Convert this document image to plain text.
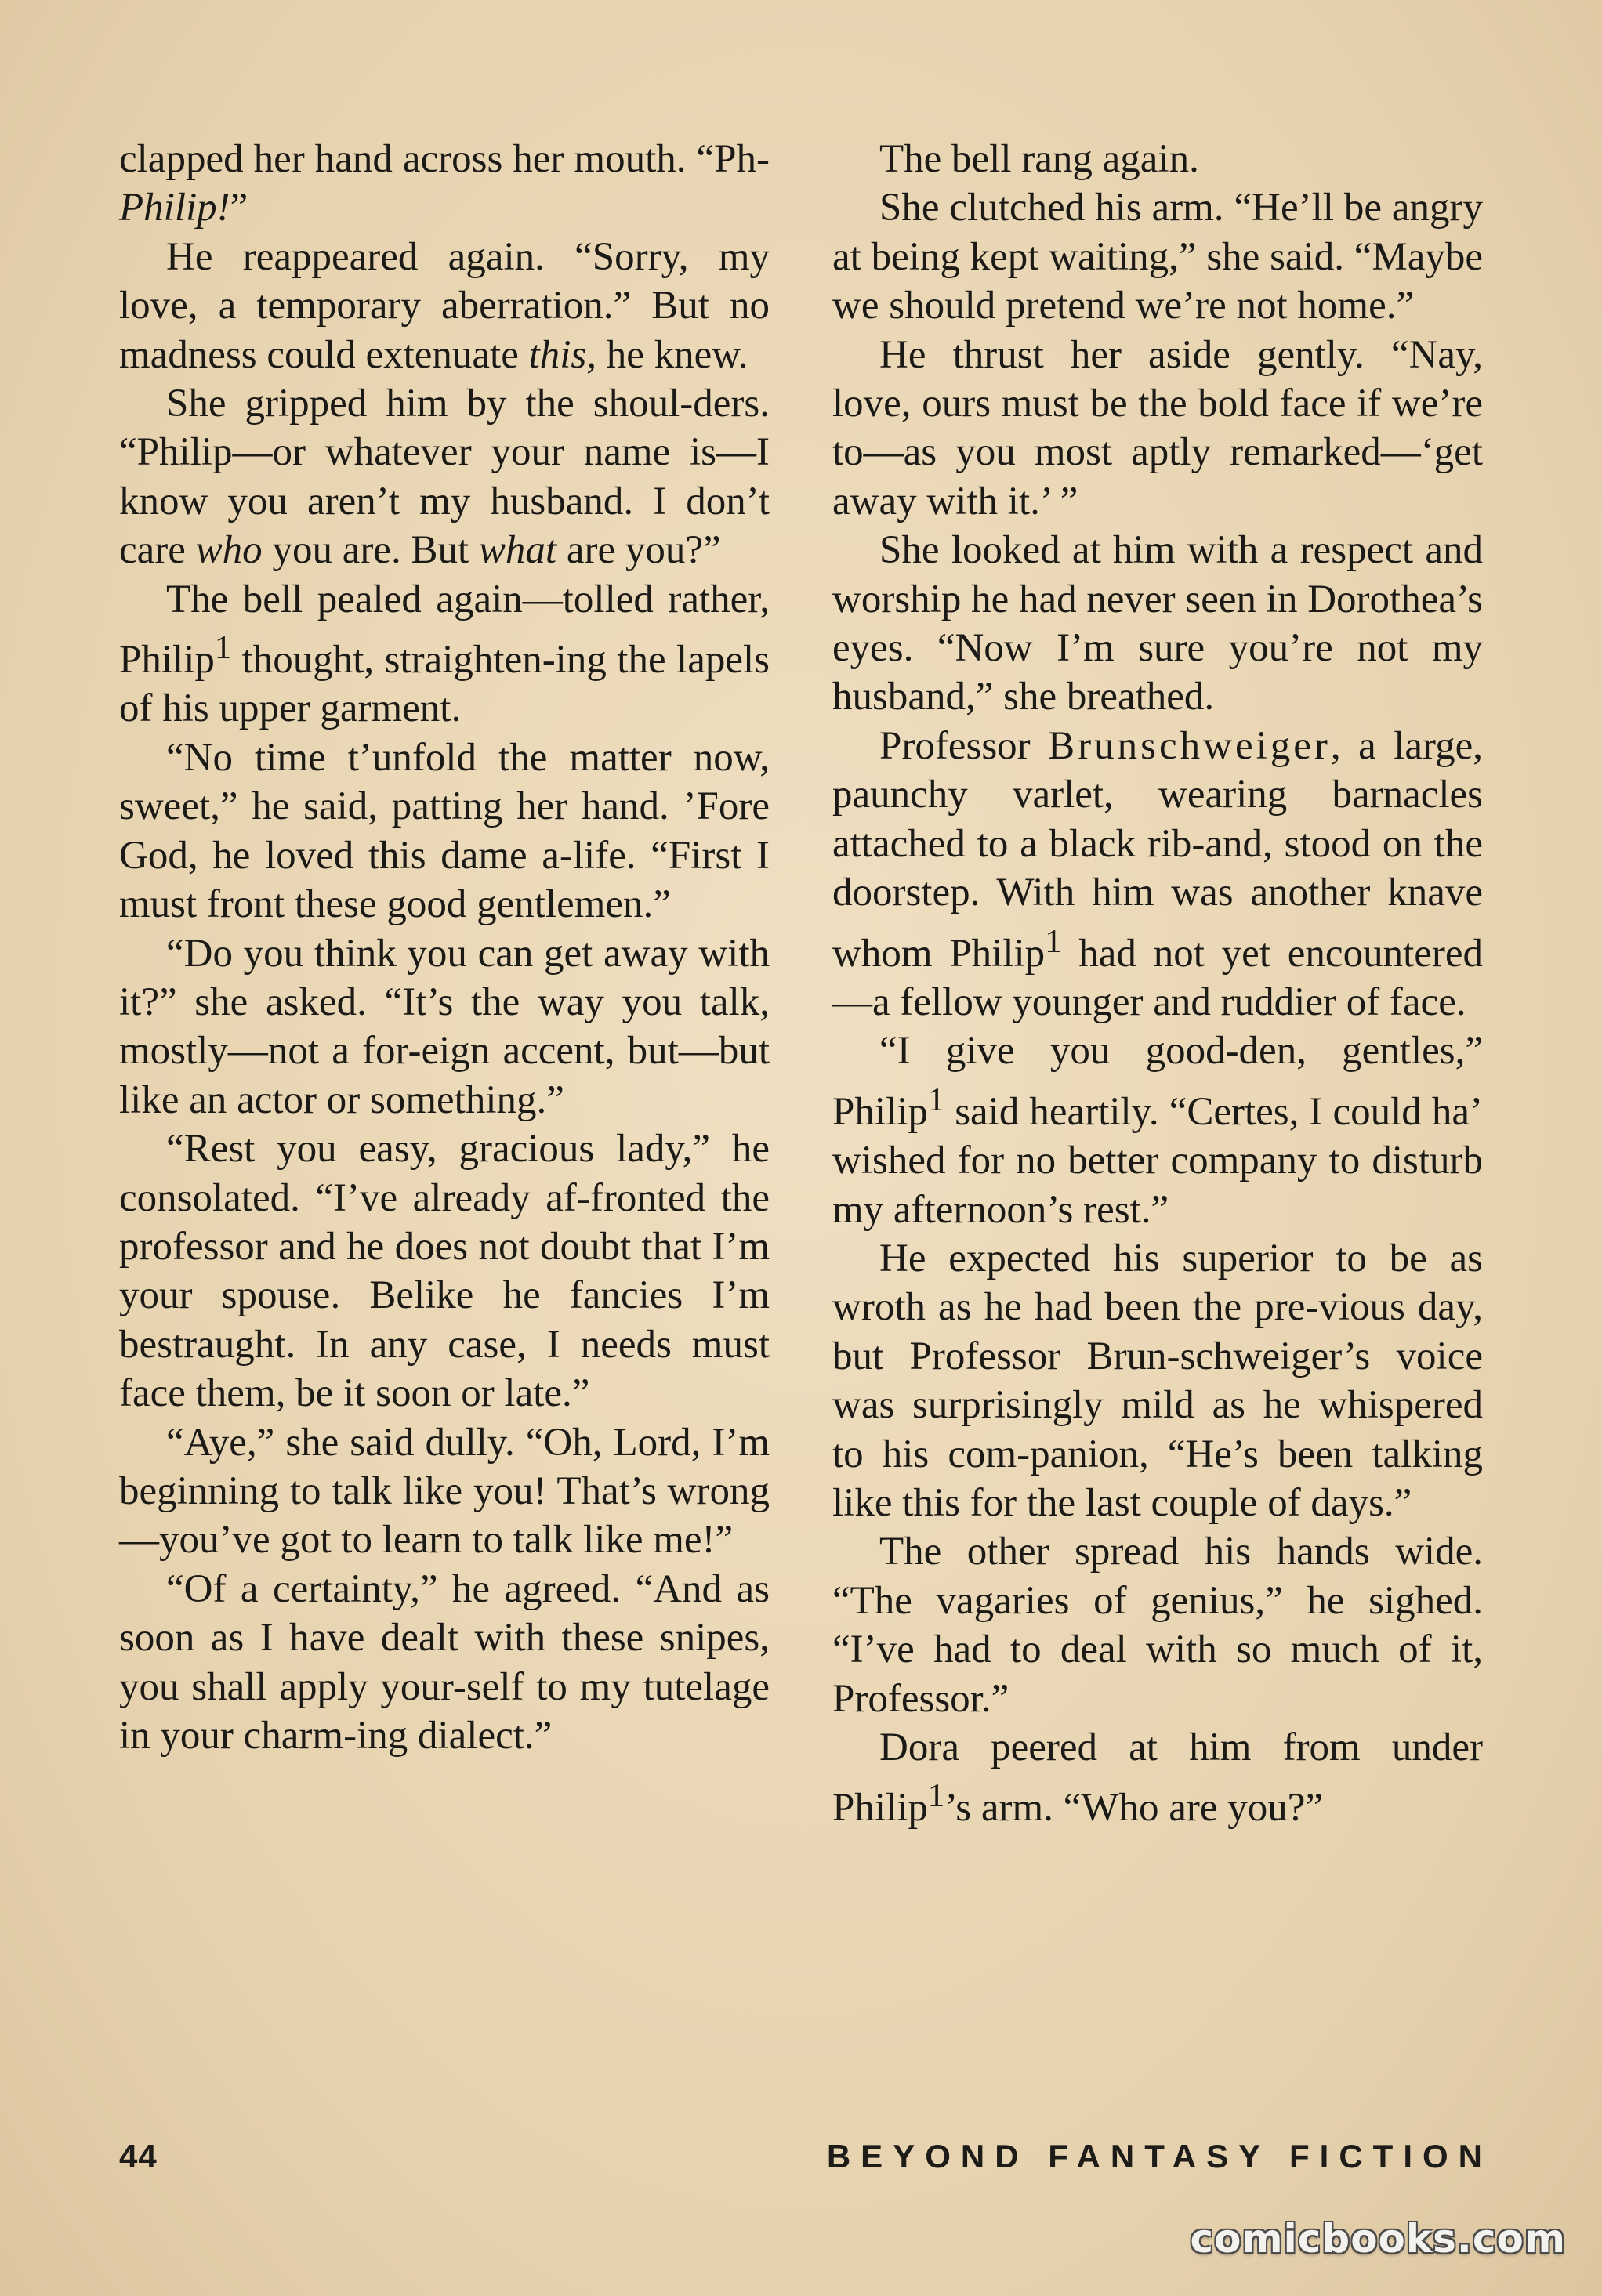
clapped her hand across her mouth. “Ph-Philip!”

He reappeared again. “Sorry, my love, a temporary aberration.” But no madness could extenuate this, he knew.

She gripped him by the shoul-ders. “Philip—or whatever your name is—I know you aren’t my husband. I don’t care who you are. But what are you?”

The bell pealed again—tolled rather, Philip$^1$ thought, straighten-ing the lapels of his upper garment.

“No time t’unfold the matter now, sweet,” he said, patting her hand. ’Fore God, he loved this dame a-life. “First I must front these good gentlemen.”

“Do you think you can get away with it?” she asked. “It’s the way you talk, mostly—not a for-eign accent, but—but like an actor or something.”

“Rest you easy, gracious lady,” he consolated. “I’ve already af-fronted the professor and he does not doubt that I’m your spouse. Belike he fancies I’m bestraught. In any case, I needs must face them, be it soon or late.”

“Aye,” she said dully. “Oh, Lord, I’m beginning to talk like you! That’s wrong—you’ve got to learn to talk like me!”

“Of a certainty,” he agreed. “And as soon as I have dealt with these snipes, you shall apply your-self to my tutelage in your charm-ing dialect.”

The bell rang again.

She clutched his arm. “He’ll be angry at being kept waiting,” she said. “Maybe we should pretend we’re not home.”

He thrust her aside gently. “Nay, love, ours must be the bold face if we’re to—as you most aptly remarked—‘get away with it.’ ”

She looked at him with a respect and worship he had never seen in Dorothea’s eyes. “Now I’m sure you’re not my husband,” she breathed.

Professor Brunschweiger, a large, paunchy varlet, wearing barnacles attached to a black rib-and, stood on the doorstep. With him was another knave whom Philip$^1$ had not yet encountered—a fellow younger and ruddier of face.

“I give you good-den, gentles,” Philip$^1$ said heartily. “Certes, I could ha’ wished for no better company to disturb my afternoon’s rest.”

He expected his superior to be as wroth as he had been the pre-vious day, but Professor Brun-schweiger’s voice was surprisingly mild as he whispered to his com-panion, “He’s been talking like this for the last couple of days.”

The other spread his hands wide. “The vagaries of genius,” he sighed. “I’ve had to deal with so much of it, Professor.”

Dora peered at him from under Philip$^1$’s arm. “Who are you?”

44	BEYOND FANTASY FICTION
comicbooks.com
